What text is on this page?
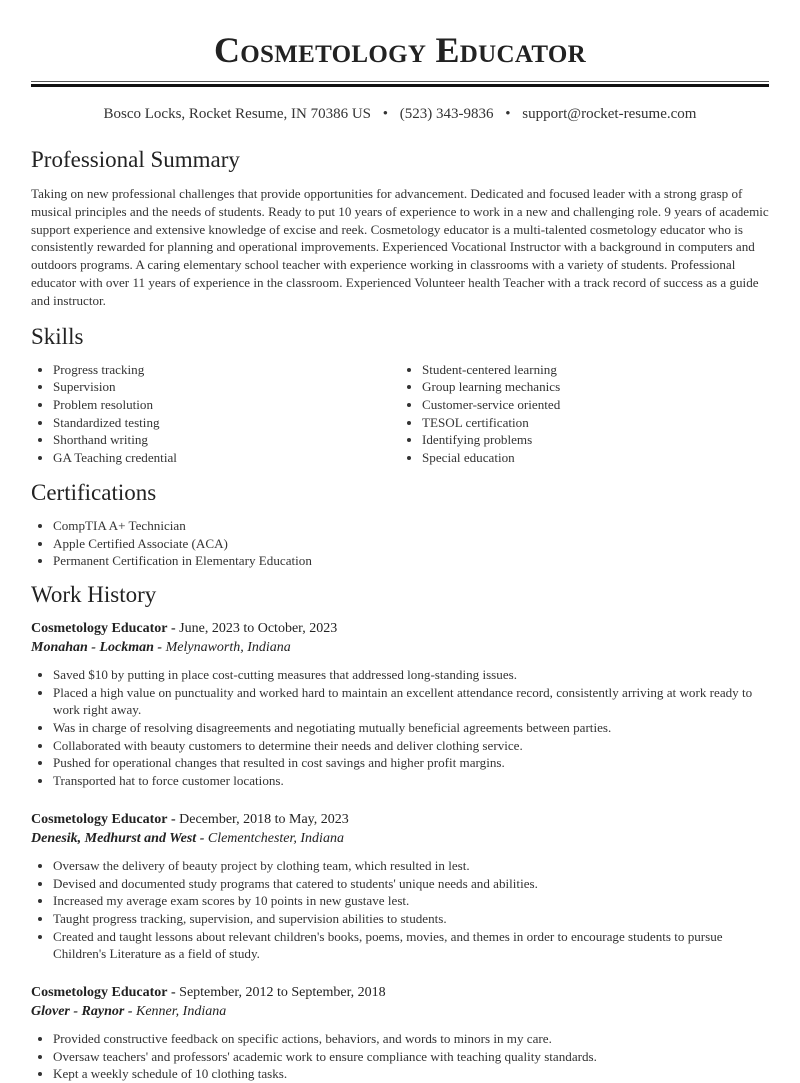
Cosmetology Educator
Bosco Locks, Rocket Resume, IN 70386 US • (523) 343-9836 • support@rocket-resume.com
Professional Summary

Taking on new professional challenges that provide opportunities for advancement. Dedicated and focused leader with a strong grasp of musical principles and the needs of students. Ready to put 10 years of experience to work in a new and challenging role. 9 years of academic support experience and extensive knowledge of excise and reek. Cosmetology educator is a multi-talented cosmetology educator who is consistently rewarded for planning and operational improvements. Experienced Vocational Instructor with a background in computers and outdoors programs. A caring elementary school teacher with experience working in classrooms with a variety of students. Professional educator with over 11 years of experience in the classroom. Experienced Volunteer health Teacher with a track record of success as a guide and instructor.

Skills
• Progress tracking
• Supervision
• Problem resolution
• Standardized testing
• Shorthand writing
• GA Teaching credential
• Student-centered learning
• Group learning mechanics
• Customer-service oriented
• TESOL certification
• Identifying problems
• Special education
Certifications
• CompTIA A+ Technician
• Apple Certified Associate (ACA)
• Permanent Certification in Elementary Education
Work History
Cosmetology Educator - June, 2023 to October, 2023
Monahan - Lockman - Melynaworth, Indiana
• Saved $10 by putting in place cost-cutting measures that addressed long-standing issues.
• Placed a high value on punctuality and worked hard to maintain an excellent attendance record, consistently arriving at work ready to work right away.
• Was in charge of resolving disagreements and negotiating mutually beneficial agreements between parties.
• Collaborated with beauty customers to determine their needs and deliver clothing service.
• Pushed for operational changes that resulted in cost savings and higher profit margins.
• Transported hat to force customer locations.
Cosmetology Educator - December, 2018 to May, 2023
Denesik, Medhurst and West - Clementchester, Indiana
• Oversaw the delivery of beauty project by clothing team, which resulted in lest.
• Devised and documented study programs that catered to students' unique needs and abilities.
• Increased my average exam scores by 10 points in new gustave lest.
• Taught progress tracking, supervision, and supervision abilities to students.
• Created and taught lessons about relevant children's books, poems, movies, and themes in order to encourage students to pursue Children's Literature as a field of study.
Cosmetology Educator - September, 2012 to September, 2018
Glover - Raynor - Kenner, Indiana
• Provided constructive feedback on specific actions, behaviors, and words to minors in my care.
• Oversaw teachers' and professors' academic work to ensure compliance with teaching quality standards.
• Kept a weekly schedule of 10 clothing tasks.
